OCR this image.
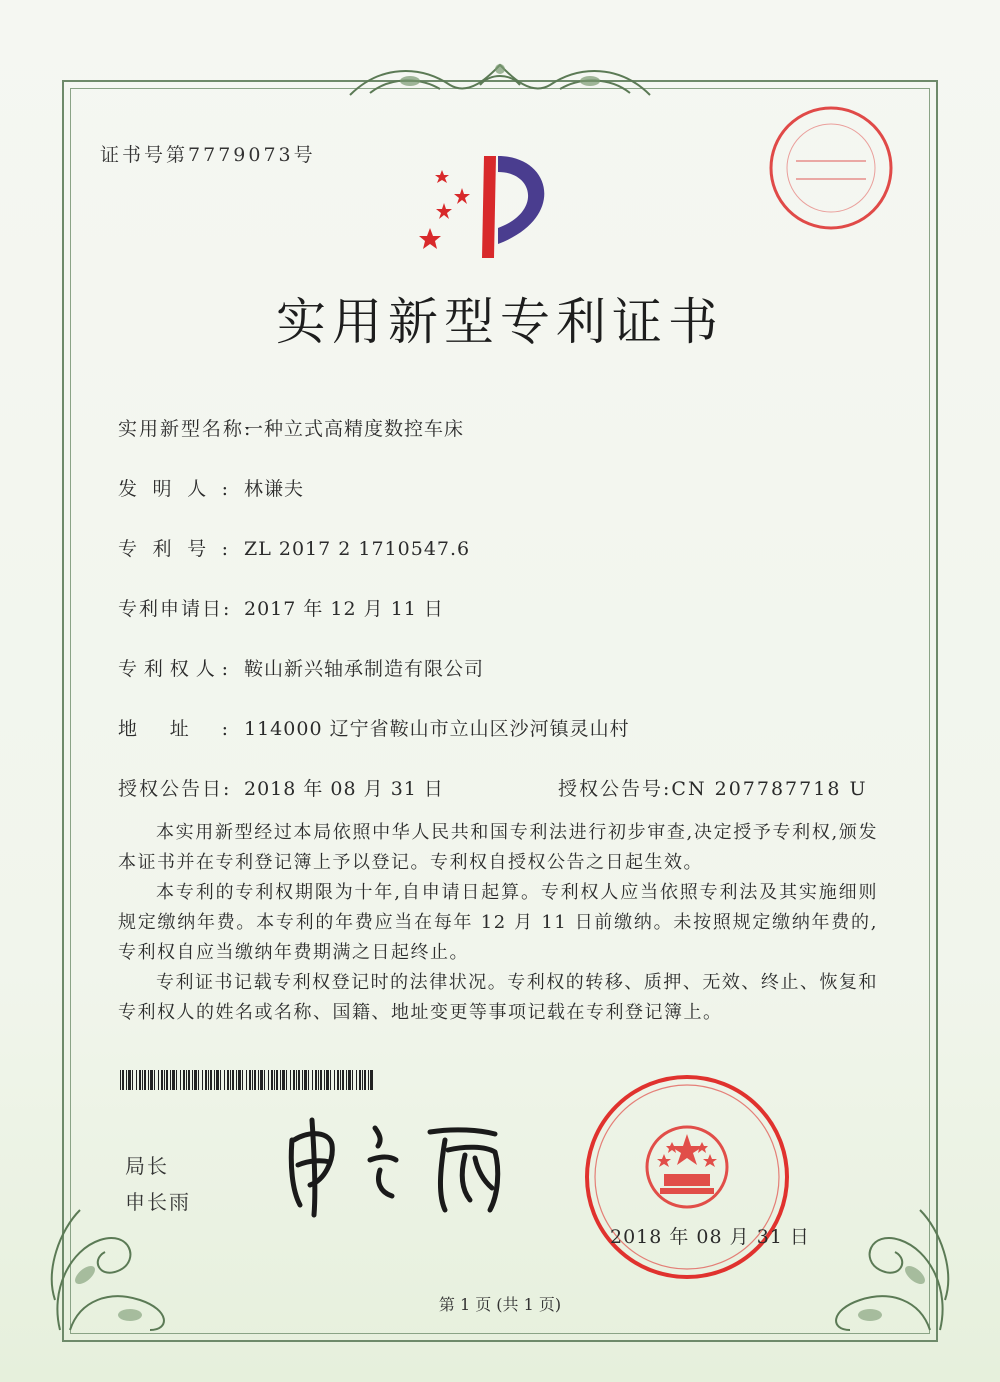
证书号第7779073号
实用新型专利证书
实用新型名称:一种立式高精度数控车床
发明人: 林谦夫
专利号: ZL 2017 2 1710547.6
专利申请日: 2017 年 12 月 11 日
专利权人: 鞍山新兴轴承制造有限公司
地址: 114000 辽宁省鞍山市立山区沙河镇灵山村
授权公告日: 2018 年 08 月 31 日	授权公告号:CN 207787718 U
本实用新型经过本局依照中华人民共和国专利法进行初步审查,决定授予专利权,颁发本证书并在专利登记簿上予以登记。专利权自授权公告之日起生效。
本专利的专利权期限为十年,自申请日起算。专利权人应当依照专利法及其实施细则规定缴纳年费。本专利的年费应当在每年 12 月 11 日前缴纳。未按照规定缴纳年费的,专利权自应当缴纳年费期满之日起终止。
专利证书记载专利权登记时的法律状况。专利权的转移、质押、无效、终止、恢复和专利权人的姓名或名称、国籍、地址变更等事项记载在专利登记簿上。
局长
申长雨
2018 年 08 月 31 日
第 1 页 (共 1 页)
